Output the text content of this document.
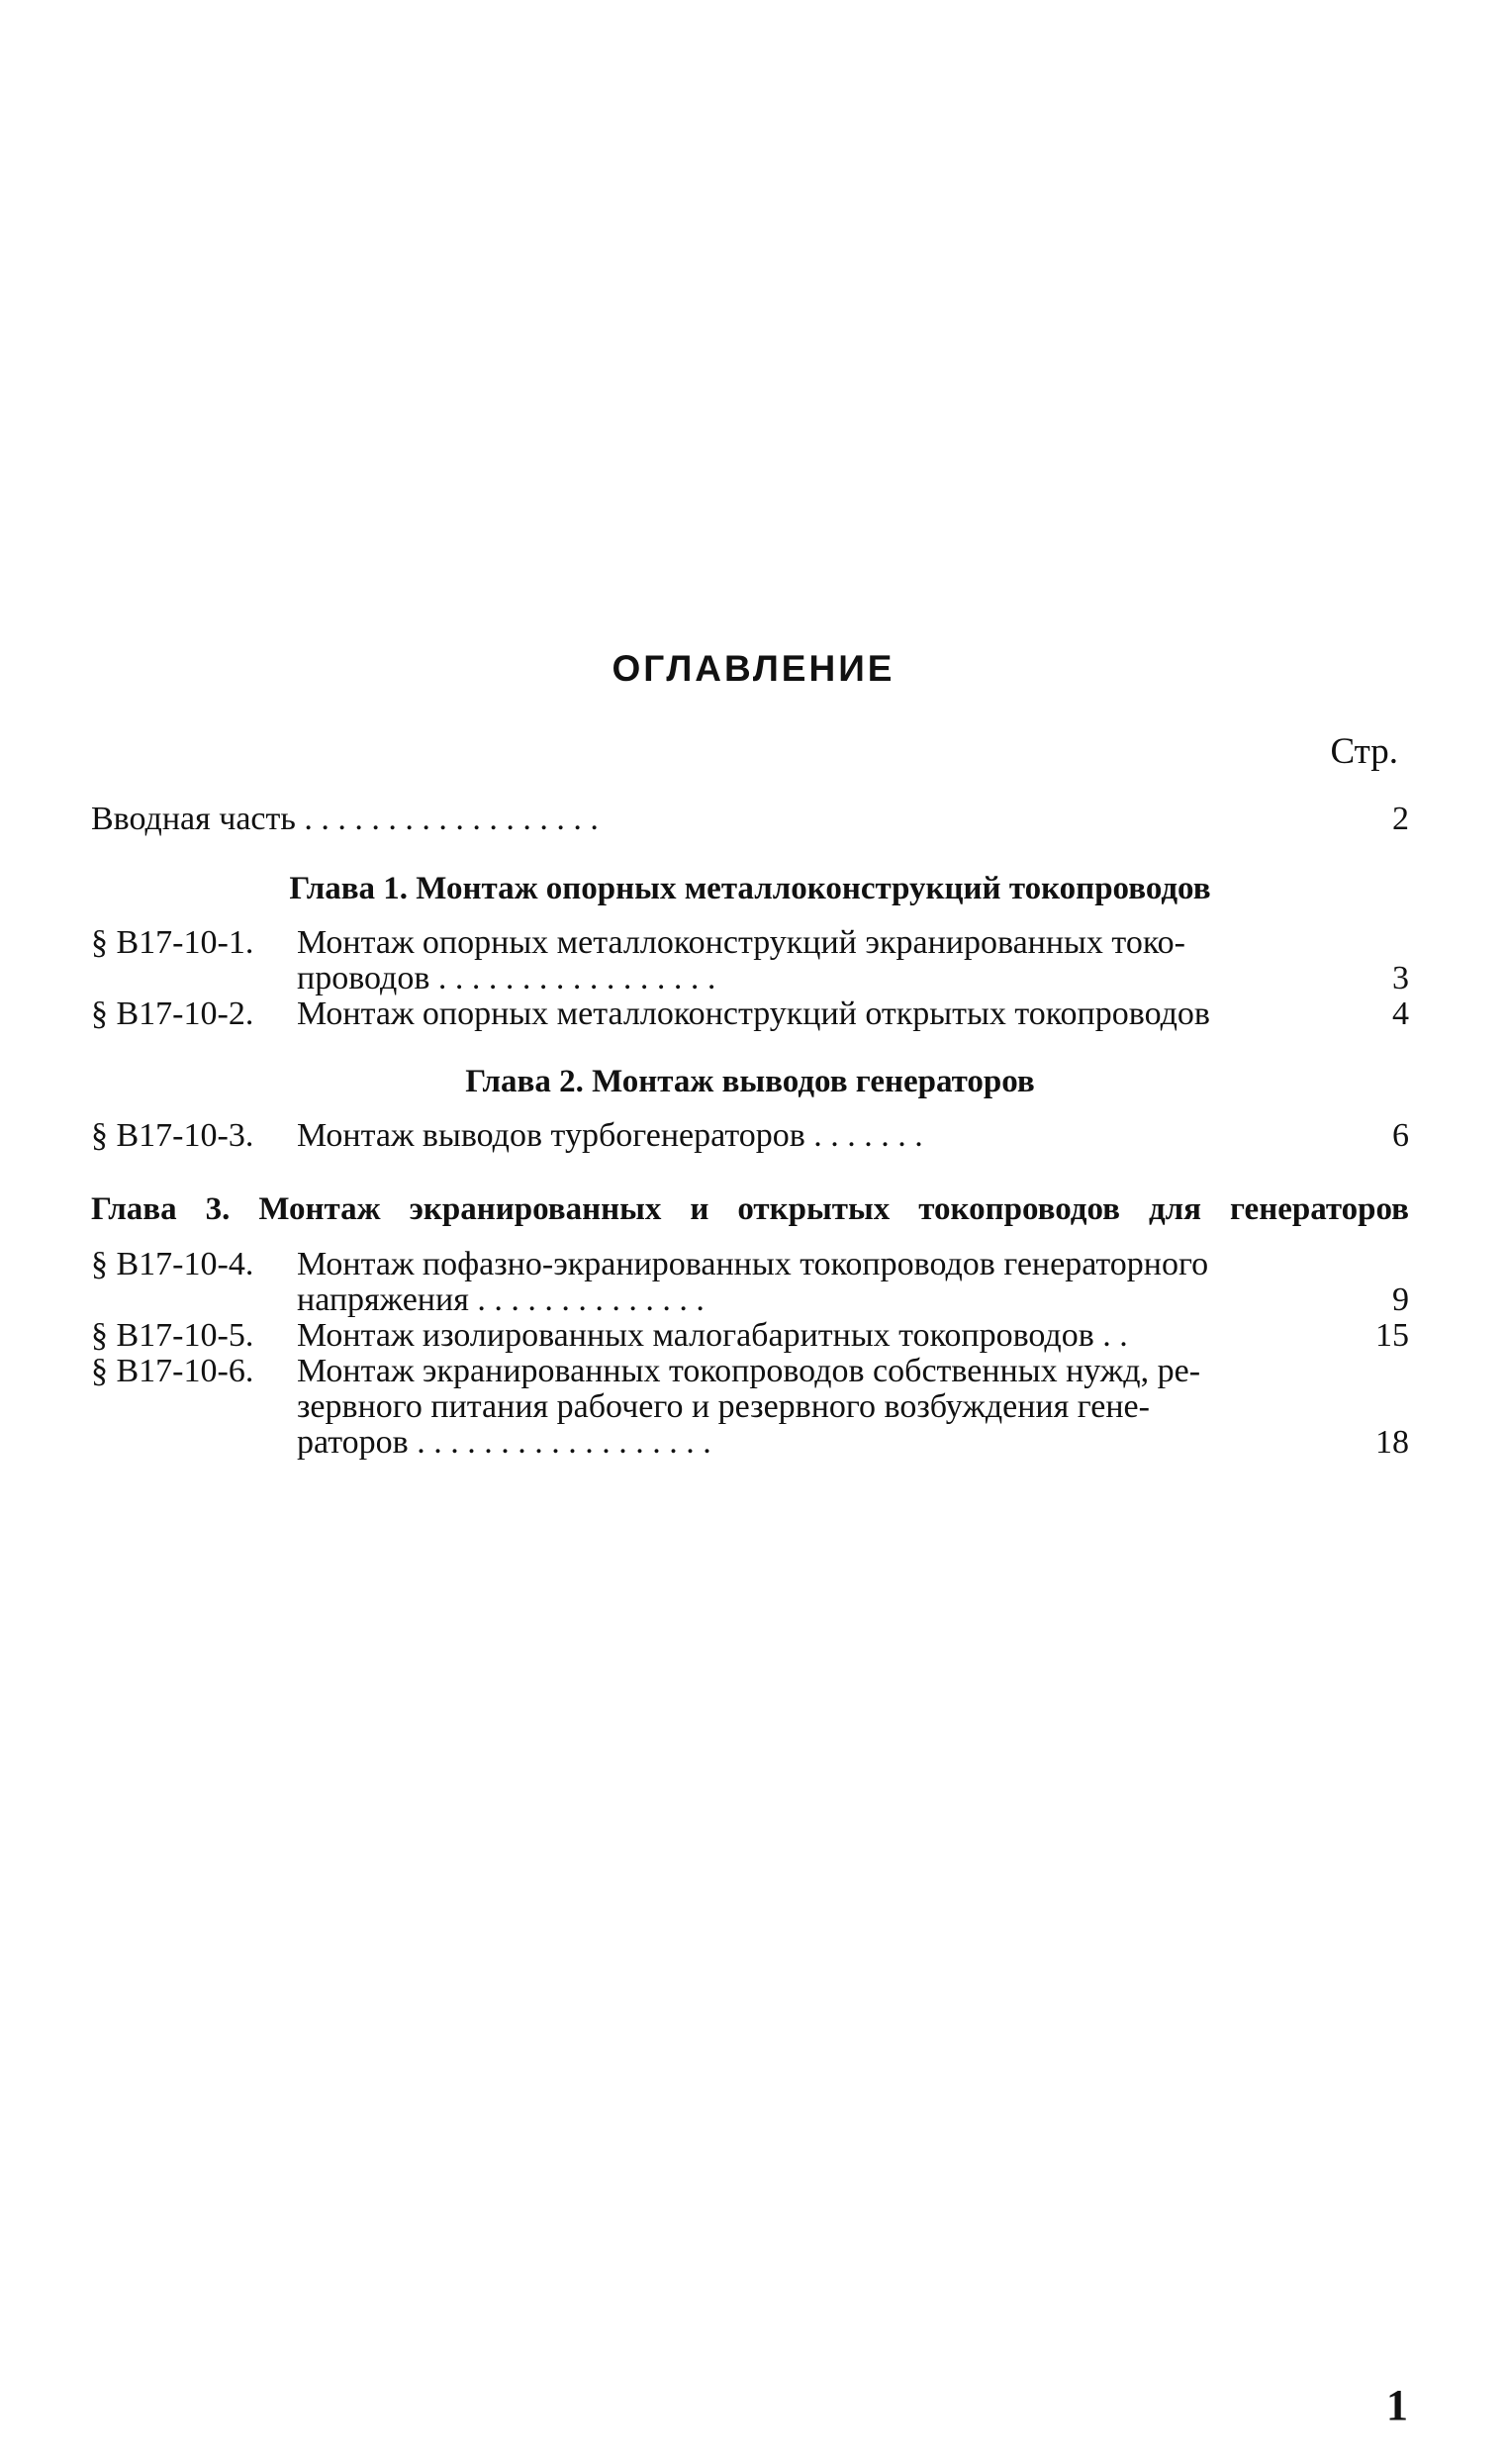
ОГЛАВЛЕНИЕ
Стр.
Вводная часть . . . . . . . . . . . . . . . . . .	2
Глава 1. Монтаж опорных металлоконструкций токопроводов
§ В17-10-1. Монтаж опорных металлоконструкций экранированных токо-
проводов . . . . . . . . . . . . . . . . .	3
§ В17-10-2. Монтаж опорных металлоконструкций открытых токопроводов	4
Глава 2. Монтаж выводов генераторов
§ В17-10-3. Монтаж выводов турбогенераторов . . . . . . .	6
Глава 3. Монтаж экранированных и открытых токопроводов для генераторов
§ В17-10-4. Монтаж пофазно-экранированных токопроводов генераторного
напряжения . . . . . . . . . . . . . .	9
§ В17-10-5. Монтаж изолированных малогабаритных токопроводов . .	15
§ В17-10-6. Монтаж экранированных токопроводов собственных нужд, ре-
зервного питания рабочего и резервного возбуждения гене-
раторов . . . . . . . . . . . . . . . . . .	18
1
